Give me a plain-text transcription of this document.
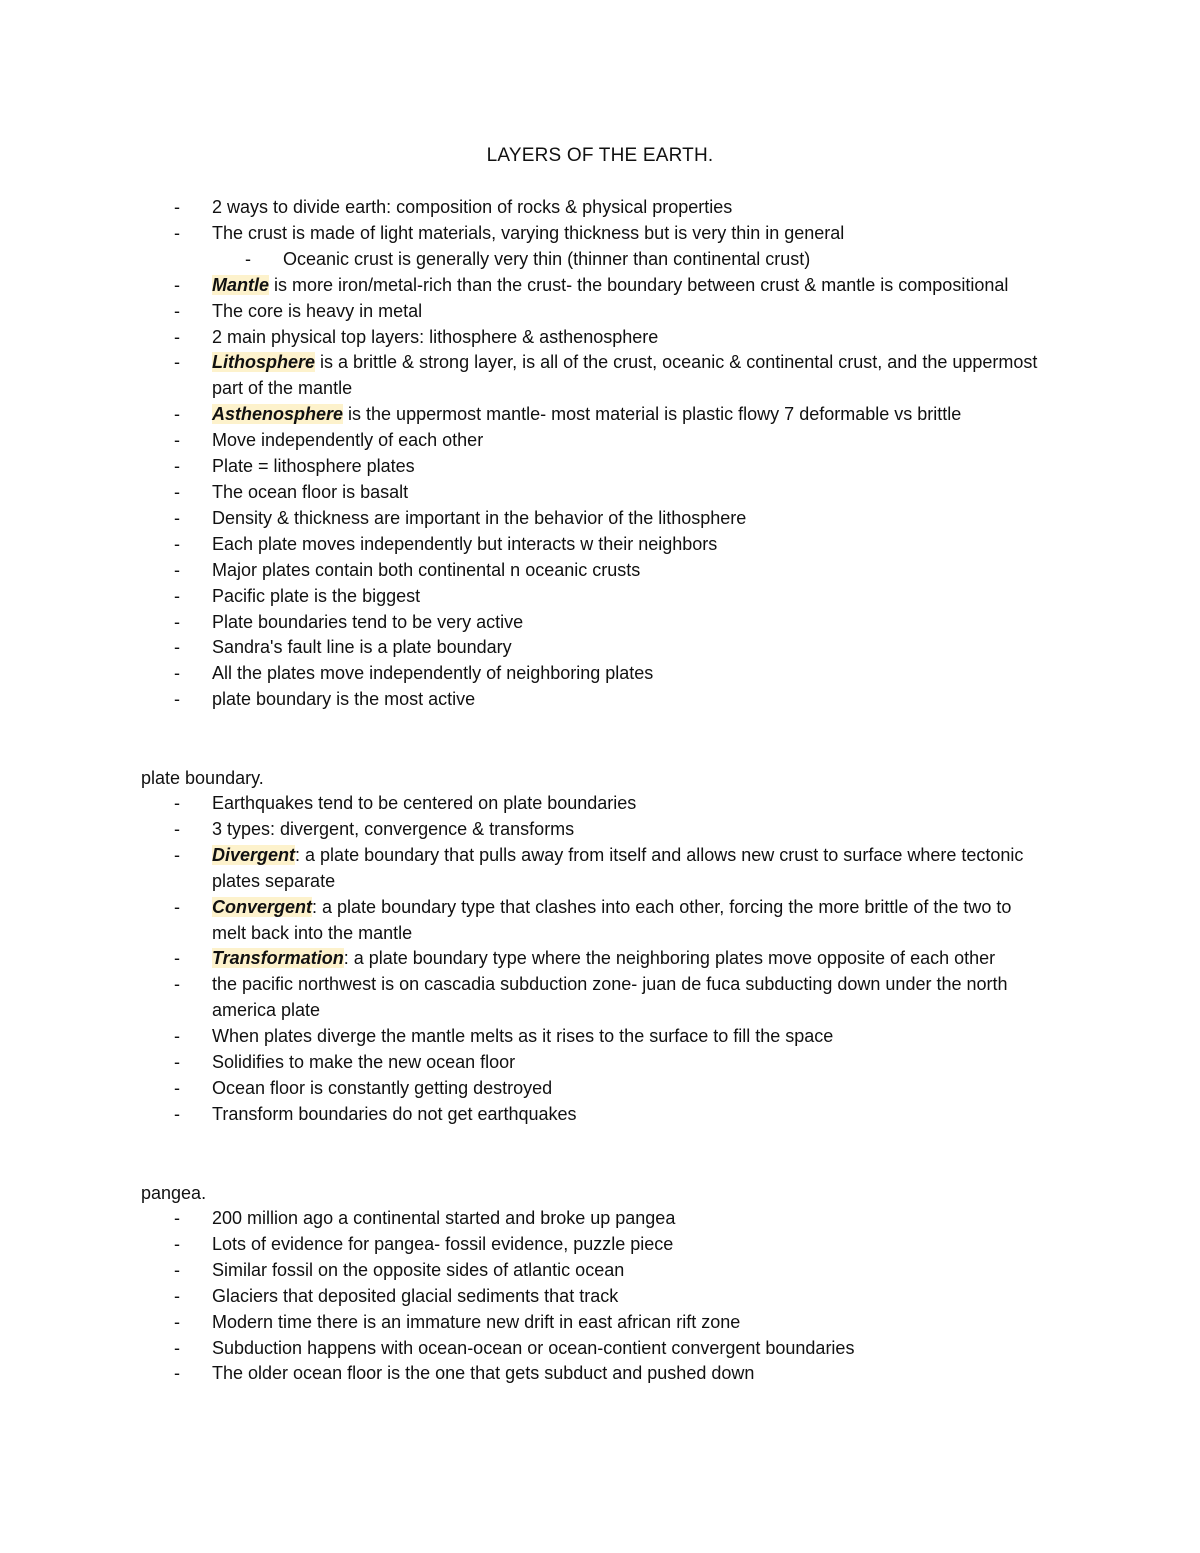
LAYERS OF THE EARTH.
- 2 ways to divide earth: composition of rocks & physical properties
- The crust is made of light materials, varying thickness but is very thin in general
- Oceanic crust is generally very thin (thinner than continental crust)
- Mantle is more iron/metal-rich than the crust- the boundary between crust & mantle is compositional
- The core is heavy in metal
- 2 main physical top layers: lithosphere & asthenosphere
- Lithosphere is a brittle & strong layer, is all of the crust, oceanic & continental crust, and the uppermost part of the mantle
- Asthenosphere is the uppermost mantle- most material is plastic flowy 7 deformable vs brittle
- Move independently of each other
- Plate = lithosphere plates
- The ocean floor is basalt
- Density & thickness are important in the behavior of the lithosphere
- Each plate moves independently but interacts w their neighbors
- Major plates contain both continental n oceanic crusts
- Pacific plate is the biggest
- Plate boundaries tend to be very active
- Sandra's fault line is a plate boundary
- All the plates move independently of neighboring plates
- plate boundary is the most active
plate boundary.
- Earthquakes tend to be centered on plate boundaries
- 3 types: divergent, convergence & transforms
- Divergent: a plate boundary that pulls away from itself and allows new crust to surface where tectonic plates separate
- Convergent: a plate boundary type that clashes into each other, forcing the more brittle of the two to melt back into the mantle
- Transformation: a plate boundary type where the neighboring plates move opposite of each other
- the pacific northwest is on cascadia subduction zone- juan de fuca subducting down under the north america plate
- When plates diverge the mantle melts as it rises to the surface to fill the space
- Solidifies to make the new ocean floor
- Ocean floor is constantly getting destroyed
- Transform boundaries do not get earthquakes
pangea.
- 200 million ago a continental started and broke up pangea
- Lots of evidence for pangea- fossil evidence, puzzle piece
- Similar fossil on the opposite sides of atlantic ocean
- Glaciers that deposited glacial sediments that track
- Modern time there is an immature new drift in east african rift zone
- Subduction happens with ocean-ocean or ocean-contient convergent boundaries
- The older ocean floor is the one that gets subduct and pushed down
